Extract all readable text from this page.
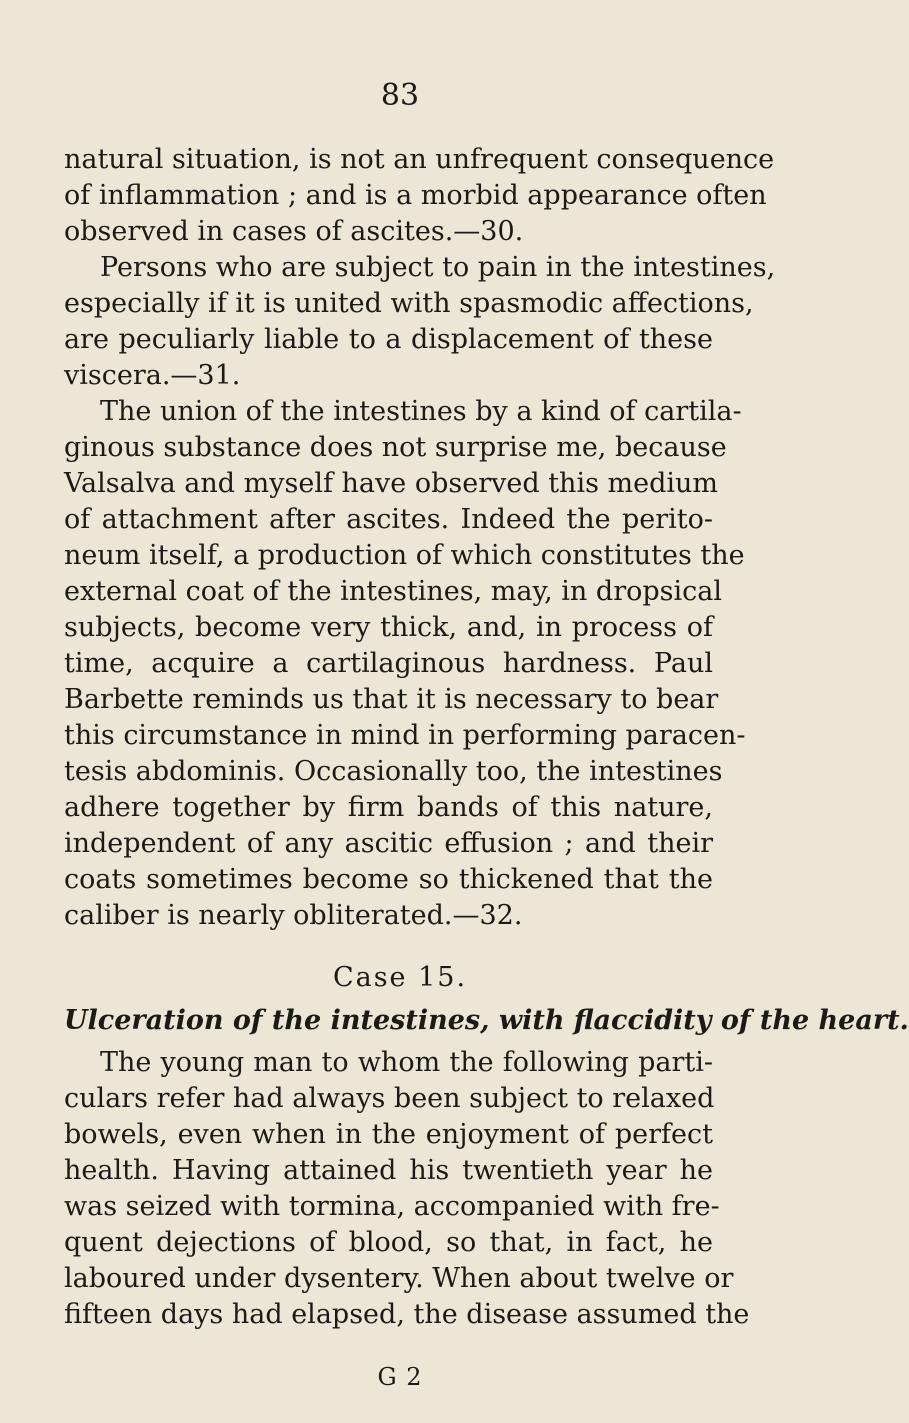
83
natural situation, is not an unfrequent consequence
of inflammation ; and is a morbid appearance often
observed in cases of ascites.—30.
Persons who are subject to pain in the intestines,
especially if it is united with spasmodic affections,
are peculiarly liable to a displacement of these
viscera.—31.
The union of the intestines by a kind of cartila-
ginous substance does not surprise me, because
Valsalva and myself have observed this medium
of attachment after ascites. Indeed the perito-
neum itself, a production of which constitutes the
external coat of the intestines, may, in dropsical
subjects, become very thick, and, in process of
time, acquire a cartilaginous hardness. Paul
Barbette reminds us that it is necessary to bear
this circumstance in mind in performing paracen-
tesis abdominis. Occasionally too, the intestines
adhere together by firm bands of this nature,
independent of any ascitic effusion ; and their
coats sometimes become so thickened that the
caliber is nearly obliterated.—32.
Case 15.
Ulceration of the intestines, with flaccidity of the heart.
The young man to whom the following parti-
culars refer had always been subject to relaxed
bowels, even when in the enjoyment of perfect
health. Having attained his twentieth year he
was seized with tormina, accompanied with fre-
quent dejections of blood, so that, in fact, he
laboured under dysentery. When about twelve or
fifteen days had elapsed, the disease assumed the
G 2
